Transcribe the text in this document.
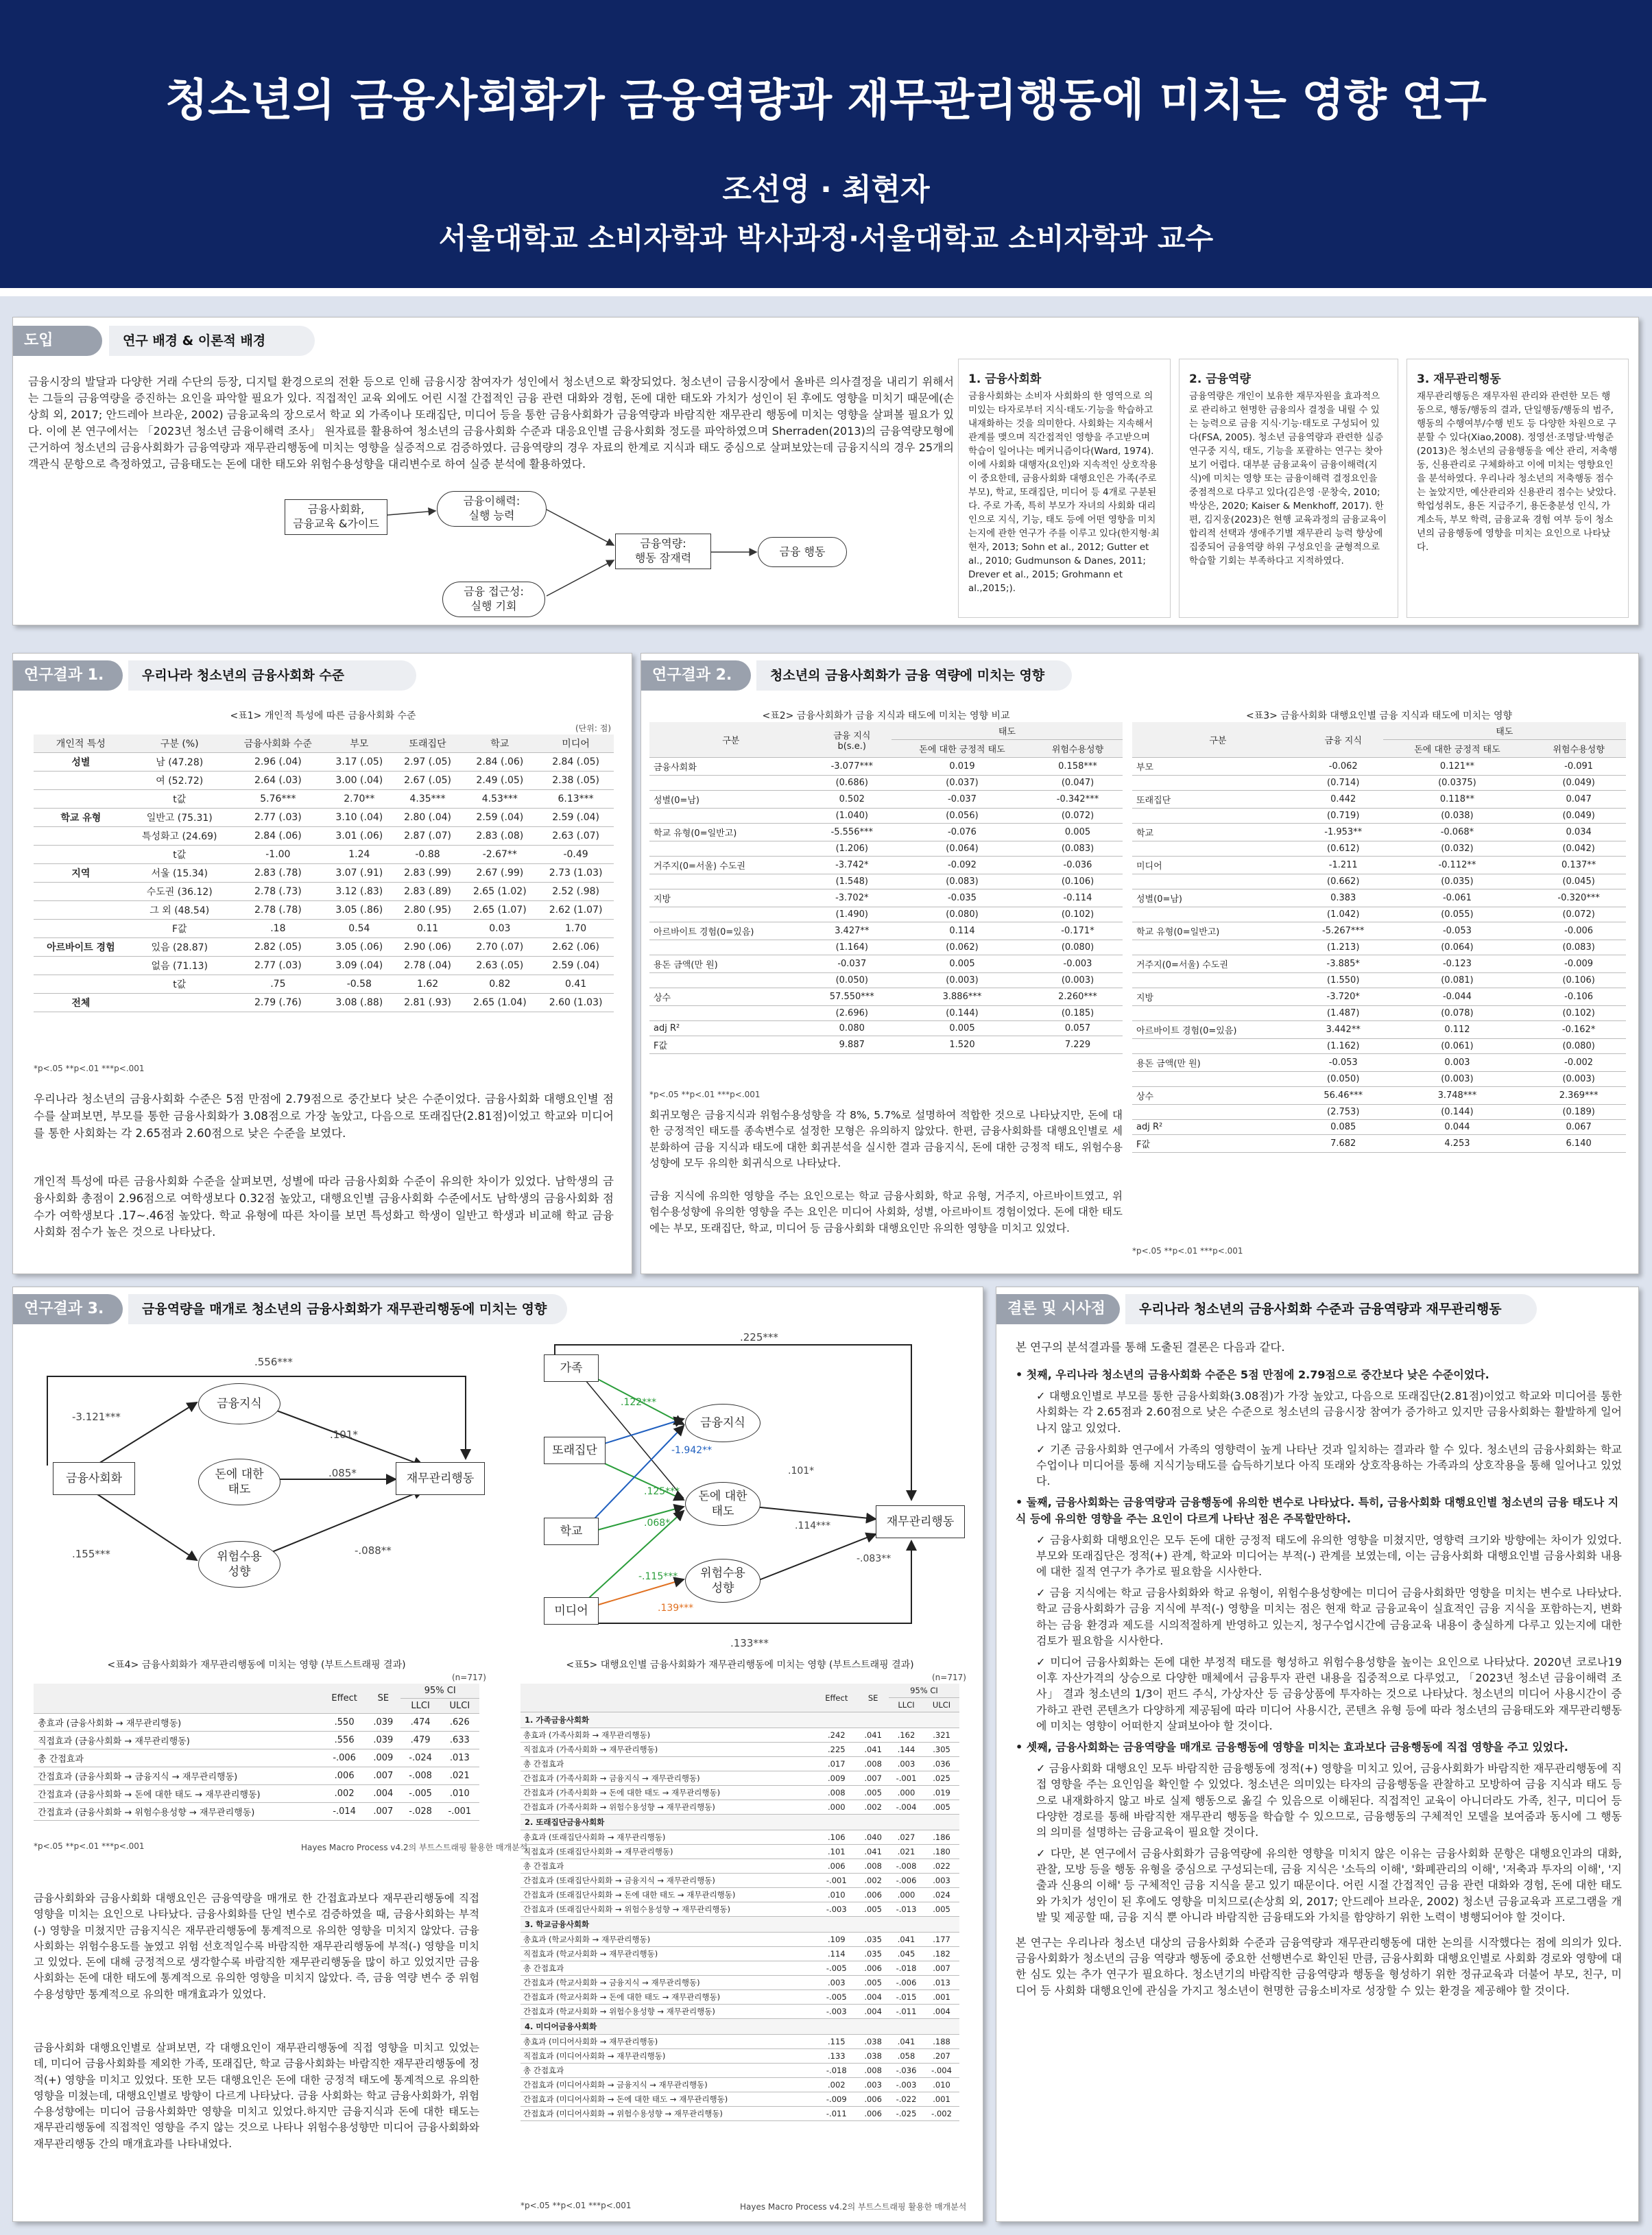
청소년의 금융사회화가 금융역량과 재무관리행동에 미치는 영향 연구
조선영 · 최현자
서울대학교 소비자학과 박사과정·서울대학교 소비자학과 교수
도입	연구 배경 & 이론적 배경
금융시장의 발달과 다양한 거래 수단의 등장, 디지털 환경으로의 전환 등으로 인해 금융시장 참여자가 성인에서 청소년으로 확장되었다. 청소년이 금융시장에서 올바른 의사결정을 내리기 위해서는 그들의 금융역량을 증진하는 요인을 파악할 필요가 있다. 직접적인 교육 외에도 어린 시절 간접적인 금융 관련 대화와 경험, 돈에 대한 태도와 가치가 성인이 된 후에도 영향을 미치기 때문에(손상희 외, 2017; 안드레아 브라운, 2002) 금융교육의 장으로서 학교 외 가족이나 또래집단, 미디어 등을 통한 금융사회화가 금융역량과 바람직한 재무관리 행동에 미치는 영향을 살펴볼 필요가 있다. 이에 본 연구에서는 「2023년 청소년 금융이해력 조사」 원자료를 활용하여 청소년의 금융사회화 수준과 대응요인별 금융사회화 정도를 파악하였으며 Sherraden(2013)의 금융역량모형에 근거하여 청소년의 금융사회화가 금융역량과 재무관리행동에 미치는 영향을 실증적으로 검증하였다. 금융역량의 경우 자료의 한계로 지식과 태도 중심으로 살펴보았는데 금융지식의 경우 25개의 객관식 문항으로 측정하였고, 금융태도는 돈에 대한 태도와 위험수용성향을 대리변수로 하여 실증 분석에 활용하였다.
금융사회화,
금융교육 &가이드
금융이해력:
실행 능력
금융역량:
행동 잠재력	금융 행동
금융 접근성:
실행 기회
1. 금융사회화

금융사회화는 소비자 사회화의 한 영역으로 의미있는 타자로부터 지식·태도·기능을 학습하고 내재화하는 것을 의미한다. 사회화는 지속해서 관계를 맺으며 직간접적인 영향을 주고받으며 학습이 일어나는 메커니즘이다(Ward, 1974). 이에 사회화 대행자(요인)와 지속적인 상호작용이 중요한데, 금융사회화 대행요인은 가족(주로 부모), 학교, 또래집단, 미디어 등 4개로 구분된다. 주로 가족, 특히 부모가 자녀의 사회화 대리인으로 지식, 기능, 태도 등에 어떤 영향을 미치는지에 관한 연구가 주를 이루고 있다(한지형·최현자, 2013; Sohn et al., 2012; Gutter et al., 2010; Gudmunson & Danes, 2011; Drever et al., 2015; Grohmann et al.,2015;).

2. 금융역량

금융역량은 개인이 보유한 재무자원을 효과적으로 관리하고 현명한 금융의사 결정을 내릴 수 있는 능력으로 금융 지식·기능·태도로 구성되어 있다(FSA, 2005). 청소년 금융역량과 관련한 실증 연구중 지식, 태도, 기능을 포괄하는 연구는 찾아보기 어렵다. 대부분 금융교육이 금융이해력(지식)에 미치는 영향 또는 금융이해력 결정요인을 중점적으로 다루고 있다(김은영 ·문창숙, 2010; 박상은, 2020; Kaiser & Menkhoff, 2017). 한편, 김지웅(2023)은 현행 교육과정의 금융교육이 합리적 선택과 생애주기별 재무관리 능력 향상에 집중되어 금융역량 하위 구성요인을 균형적으로 학습할 기회는 부족하다고 지적하였다.

3. 재무관리행동

재무관리행동은 재무자원 관리와 관련한 모든 행동으로, 행동/행동의 결과, 단일행동/행동의 범주, 행동의 수행여부/수행 빈도 등 다양한 차원으로 구분할 수 있다(Xiao,2008). 정영선·조명달·박형준(2013)은 청소년의 금융행동을 예산 관리, 저축행동, 신용관리로 구체화하고 이에 미치는 영향요인을 분석하였다. 우리나라 청소년의 저축행동 점수는 높았지만, 예산관리와 신용관리 점수는 낮았다. 학업성취도, 용돈 지급주기, 용돈충분성 인식, 가계소득, 부모 학력, 금융교육 경험 여부 등이 청소년의 금융행동에 영향을 미치는 요인으로 나타났다.

연구결과 1.	우리나라 청소년의 금융사회화 수준
<표1> 개인적 특성에 따른 금융사회화 수준
(단위: 점)
개인적 특성	구분 (%)	금융사회화 수준	부모	또래집단	학교	미디어
성별	남 (47.28)	2.96 (.04)	3.17 (.05)	2.97 (.05)	2.84 (.06)	2.84 (.05)
	여 (52.72)	2.64 (.03)	3.00 (.04)	2.67 (.05)	2.49 (.05)	2.38 (.05)
	t값	5.76***	2.70**	4.35***	4.53***	6.13***
학교 유형	일반고 (75.31)	2.77 (.03)	3.10 (.04)	2.80 (.04)	2.59 (.04)	2.59 (.04)
	특성화고 (24.69)	2.84 (.06)	3.01 (.06)	2.87 (.07)	2.83 (.08)	2.63 (.07)
	t값	-1.00	1.24	-0.88	-2.67**	-0.49
지역	서울 (15.34)	2.83 (.78)	3.07 (.91)	2.83 (.99)	2.67 (.99)	2.73 (1.03)
	수도권 (36.12)	2.78 (.73)	3.12 (.83)	2.83 (.89)	2.65 (1.02)	2.52 (.98)
	그 외 (48.54)	2.78 (.78)	3.05 (.86)	2.80 (.95)	2.65 (1.07)	2.62 (1.07)
	F값	.18	0.54	0.11	0.03	1.70
아르바이트 경험	있음 (28.87)	2.82 (.05)	3.05 (.06)	2.90 (.06)	2.70 (.07)	2.62 (.06)
	없음 (71.13)	2.77 (.03)	3.09 (.04)	2.78 (.04)	2.63 (.05)	2.59 (.04)
	t값	.75	-0.58	1.62	0.82	0.41
전체		2.79 (.76)	3.08 (.88)	2.81 (.93)	2.65 (1.04)	2.60 (1.03)
*p<.05 **p<.01 ***p<.001
우리나라 청소년의 금융사회화 수준은 5점 만점에 2.79점으로 중간보다 낮은 수준이었다. 금융사회화 대행요인별 점수를 살펴보면, 부모를 통한 금융사회화가 3.08점으로 가장 높았고, 다음으로 또래집단(2.81점)이었고 학교와 미디어를 통한 사회화는 각 2.65점과 2.60점으로 낮은 수준을 보였다.
개인적 특성에 따른 금융사회화 수준을 살펴보면, 성별에 따라 금융사회화 수준이 유의한 차이가 있었다. 남학생의 금융사회화 총점이 2.96점으로 여학생보다 0.32점 높았고, 대행요인별 금융사회화 수준에서도 남학생의 금융사회화 점수가 여학생보다 .17~.46점 높았다. 학교 유형에 따른 차이를 보면 특성화고 학생이 일반고 학생과 비교해 학교 금융사회화 점수가 높은 것으로 나타났다.
연구결과 2.	청소년의 금융사회화가 금융 역량에 미치는 영향
<표2> 금융사회화가 금융 지식과 태도에 미치는 영향 비교
구분	금융 지식
b(s.e.)	태도	
		돈에 대한 긍정적 태도	위험수용성향
금융사회화	-3.077***	0.019	0.158***
	(0.686)	(0.037)	(0.047)
성별(0=남)	0.502	-0.037	-0.342***
	(1.040)	(0.056)	(0.072)
학교 유형(0=일반고)	-5.556***	-0.076	0.005
	(1.206)	(0.064)	(0.083)
거주지(0=서울) 수도권	-3.742*	-0.092	-0.036
	(1.548)	(0.083)	(0.106)
지방	-3.702*	-0.035	-0.114
	(1.490)	(0.080)	(0.102)
아르바이트 경험(0=있음)	3.427**	0.114	-0.171*
	(1.164)	(0.062)	(0.080)
용돈 금액(만 원)	-0.037	0.005	-0.003
	(0.050)	(0.003)	(0.003)
상수	57.550***	3.886***	2.260***
	(2.696)	(0.144)	(0.185)
adj R²	0.080	0.005	0.057
F값	9.887	1.520	7.229
*p<.05 **p<.01 ***p<.001
회귀모형은 금융지식과 위험수용성향을 각 8%, 5.7%로 설명하여 적합한 것으로 나타났지만, 돈에 대한 긍정적인 태도를 종속변수로 설정한 모형은 유의하지 않았다. 한편, 금융사회화를 대행요인별로 세분화하여 금융 지식과 태도에 대한 회귀분석을 실시한 결과 금융지식, 돈에 대한 긍정적 태도, 위험수용성향에 모두 유의한 회귀식으로 나타났다.
금융 지식에 유의한 영향을 주는 요인으로는 학교 금융사회화, 학교 유형, 거주지, 아르바이트였고, 위험수용성향에 유의한 영향을 주는 요인은 미디어 사회화, 성별, 아르바이트 경험이었다. 돈에 대한 태도에는 부모, 또래집단, 학교, 미디어 등 금융사회화 대행요인만 유의한 영향을 미치고 있었다.
<표3> 금융사회화 대행요인별 금융 지식과 태도에 미치는 영향
구분	금융 지식	태도	
		돈에 대한 긍정적 태도	위험수용성향
부모	-0.062	0.121**	-0.091
	(0.714)	(0.0375)	(0.049)
또래집단	0.442	0.118**	0.047
	(0.719)	(0.038)	(0.049)
학교	-1.953**	-0.068*	0.034
	(0.612)	(0.032)	(0.042)
미디어	-1.211	-0.112**	0.137**
	(0.662)	(0.035)	(0.045)
성별(0=남)	0.383	-0.061	-0.320***
	(1.042)	(0.055)	(0.072)
학교 유형(0=일반고)	-5.267***	-0.053	-0.006
	(1.213)	(0.064)	(0.083)
거주지(0=서울) 수도권	-3.885*	-0.123	-0.009
	(1.550)	(0.081)	(0.106)
지방	-3.720*	-0.044	-0.106
	(1.487)	(0.078)	(0.102)
아르바이트 경험(0=있음)	3.442**	0.112	-0.162*
	(1.162)	(0.061)	(0.080)
용돈 금액(만 원)	-0.053	0.003	-0.002
	(0.050)	(0.003)	(0.003)
상수	56.46***	3.748***	2.369***
	(2.753)	(0.144)	(0.189)
adj R²	0.085	0.044	0.067
F값	7.682	4.253	6.140
*p<.05 **p<.01 ***p<.001
연구결과 3.	금융역량을 매개로 청소년의 금융사회화가 재무관리행동에 미치는 영향
금융사회화
금융지식
돈에 대한
태도
위험수용
성향
재무관리행동
.556***
-3.121***
.101*
.085*
.155***	-.088**
가족
또래집단
학교
미디어
금융지식
돈에 대한
태도
위험수용
성향
재무관리행동
.225***
.133***
.122***
-1.942**
.125***
.068*
-.115***
.139***
.101*
.114***
-.083**
<표4> 금융사회화가 재무관리행동에 미치는 영향 (부트스트래핑 결과)
(n=717)
	Effect	SE	95% CI	
			LLCI	ULCI
총효과 (금융사회화 → 재무관리행동)	.550	.039	.474	.626
직접효과 (금융사회화 → 재무관리행동)	.556	.039	.479	.633
총 간접효과	-.006	.009	-.024	.013
간접효과 (금융사회화 → 금융지식 → 재무관리행동)	.006	.007	-.008	.021
간접효과 (금융사회화 → 돈에 대한 태도 → 재무관리행동)	.002	.004	-.005	.010
간접효과 (금융사회화 → 위험수용성향 → 재무관리행동)	-.014	.007	-.028	-.001
*p<.05 **p<.01 ***p<.001	Hayes Macro Process v4.2의 부트스트래핑 활용한 매개분석
금융사회화와 금융사회화 대행요인은 금융역량을 매개로 한 간접효과보다 재무관리행동에 직접 영향을 미치는 요인으로 나타났다. 금융사회화를 단일 변수로 검증하였을 때, 금융사회화는 부적(-) 영향을 미쳤지만 금융지식은 재무관리행동에 통계적으로 유의한 영향을 미치지 않았다. 금융사회화는 위험수용도를 높였고 위험 선호적일수록 바람직한 재무관리행동에 부적(-) 영향을 미치고 있었다. 돈에 대해 긍정적으로 생각할수록 바람직한 재무관리행동을 많이 하고 있었지만 금융사회화는 돈에 대한 태도에 통계적으로 유의한 영향을 미치지 않았다. 즉, 금융 역량 변수 중 위험수용성향만 통계적으로 유의한 매개효과가 있었다.
금융사회화 대행요인별로 살펴보면, 각 대행요인이 재무관리행동에 직접 영향을 미치고 있었는데, 미디어 금융사회화를 제외한 가족, 또래집단, 학교 금융사회화는 바람직한 재무관리행동에 정적(+) 영향을 미치고 있었다. 또한 모든 대행요인은 돈에 대한 긍정적 태도에 통계적으로 유의한 영향을 미쳤는데, 대행요인별로 방향이 다르게 나타났다. 금융 사회화는 학교 금융사회화가, 위험수용성향에는 미디어 금융사회화만 영향을 미치고 있었다.하지만 금융지식과 돈에 대한 태도는 재무관리행동에 직접적인 영향을 주지 않는 것으로 나타나 위험수용성향만 미디어 금융사회화와 재무관리행동 간의 매개효과를 나타내었다.
<표5> 대행요인별 금융사회화가 재무관리행동에 미치는 영향 (부트스트래핑 결과)
(n=717)
	Effect	SE	95% CI	
			LLCI	ULCI
1. 가족금융사회화				
총효과 (가족사회화 → 재무관리행동)	.242	.041	.162	.321
직접효과 (가족사회화 → 재무관리행동)	.225	.041	.144	.305
총 간접효과	.017	.008	.003	.036
간접효과 (가족사회화 → 금융지식 → 재무관리행동)	.009	.007	-.001	.025
간접효과 (가족사회화 → 돈에 대한 태도 → 재무관리행동)	.008	.005	.000	.019
간접효과 (가족사회화 → 위험수용성향 → 재무관리행동)	.000	.002	-.004	.005
2. 또래집단금융사회화				
총효과 (또래집단사회화 → 재무관리행동)	.106	.040	.027	.186
직접효과 (또래집단사회화 → 재무관리행동)	.101	.041	.021	.180
총 간접효과	.006	.008	-.008	.022
간접효과 (또래집단사회화 → 금융지식 → 재무관리행동)	-.001	.002	-.006	.003
간접효과 (또래집단사회화 → 돈에 대한 태도 → 재무관리행동)	.010	.006	.000	.024
간접효과 (또래집단사회화 → 위험수용성향 → 재무관리행동)	-.003	.005	-.013	.005
3. 학교금융사회화				
총효과 (학교사회화 → 재무관리행동)	.109	.035	.041	.177
직접효과 (학교사회화 → 재무관리행동)	.114	.035	.045	.182
총 간접효과	-.005	.006	-.018	.007
간접효과 (학교사회화 → 금융지식 → 재무관리행동)	.003	.005	-.006	.013
간접효과 (학교사회화 → 돈에 대한 태도 → 재무관리행동)	-.005	.004	-.015	.001
간접효과 (학교사회화 → 위험수용성향 → 재무관리행동)	-.003	.004	-.011	.004
4. 미디어금융사회화				
총효과 (미디어사회화 → 재무관리행동)	.115	.038	.041	.188
직접효과 (미디어사회화 → 재무관리행동)	.133	.038	.058	.207
총 간접효과	-.018	.008	-.036	-.004
간접효과 (미디어사회화 → 금융지식 → 재무관리행동)	.002	.003	-.003	.010
간접효과 (미디어사회화 → 돈에 대한 태도 → 재무관리행동)	-.009	.006	-.022	.001
간접효과 (미디어사회화 → 위험수용성향 → 재무관리행동)	-.011	.006	-.025	-.002
*p<.05 **p<.01 ***p<.001	Hayes Macro Process v4.2의 부트스트래핑 활용한 매개분석
결론 및 시사점	우리나라 청소년의 금융사회화 수준과 금융역량과 재무관리행동
본 연구의 분석결과를 통해 도출된 결론은 다음과 같다.
• 첫째, 우리나라 청소년의 금융사회화 수준은 5점 만점에 2.79점으로 중간보다 낮은 수준이었다.
✓ 대행요인별로 부모를 통한 금융사회화(3.08점)가 가장 높았고, 다음으로 또래집단(2.81점)이었고 학교와 미디어를 통한 사회화는 각 2.65점과 2.60점으로 낮은 수준으로 청소년의 금융시장 참여가 증가하고 있지만 금융사회화는 활발하게 일어나지 않고 있었다.
✓ 기존 금융사회화 연구에서 가족의 영향력이 높게 나타난 것과 일치하는 결과라 할 수 있다. 청소년의 금융사회화는 학교 수업이나 미디어를 통해 지식기능태도를 습득하기보다 아직 또래와 상호작용하는 가족과의 상호작용을 통해 일어나고 있었다.
• 둘째, 금융사회화는 금융역량과 금융행동에 유의한 변수로 나타났다. 특히, 금융사회화 대행요인별 청소년의 금융 태도나 지식 등에 유의한 영향을 주는 요인이 다르게 나타난 점은 주목할만하다.
✓ 금융사회화 대행요인은 모두 돈에 대한 긍정적 태도에 유의한 영향을 미쳤지만, 영향력 크기와 방향에는 차이가 있었다. 부모와 또래집단은 정적(+) 관계, 학교와 미디어는 부적(-) 관계를 보였는데, 이는 금융사회화 대행요인별 금융사회화 내용에 대한 질적 연구가 추가로 필요함을 시사한다.
✓ 금융 지식에는 학교 금융사회화와 학교 유형이, 위험수용성향에는 미디어 금융사회화만 영향을 미치는 변수로 나타났다. 학교 금융사회화가 금융 지식에 부적(-) 영향을 미치는 점은 현재 학교 금융교육이 실효적인 금융 지식을 포함하는지, 변화하는 금융 환경과 제도를 시의적절하게 반영하고 있는지, 청구수업시간에 금융교육 내용이 충실하게 다루고 있는지에 대한 검토가 필요함을 시사한다.
✓ 미디어 금융사회화는 돈에 대한 부정적 태도를 형성하고 위험수용성향을 높이는 요인으로 나타났다. 2020년 코로나19 이후 자산가격의 상승으로 다양한 매체에서 금융투자 관련 내용을 집중적으로 다루었고, 「2023년 청소년 금융이해력 조사」 결과 청소년의 1/3이 펀드 주식, 가상자산 등 금융상품에 투자하는 것으로 나타났다. 청소년의 미디어 사용시간이 증가하고 관련 콘텐츠가 다양하게 제공됨에 따라 미디어 사용시간, 콘텐츠 유형 등에 따라 청소년의 금융태도와 재무관리행동에 미치는 영향이 어떠한지 살펴보아야 할 것이다.
• 셋째, 금융사회화는 금융역량을 매개로 금융행동에 영향을 미치는 효과보다 금융행동에 직접 영향을 주고 있었다.
✓ 금융사회화 대행요인 모두 바람직한 금융행동에 정적(+) 영향을 미치고 있어, 금융사회화가 바람직한 재무관리행동에 직접 영향을 주는 요인임을 확인할 수 있었다. 청소년은 의미있는 타자의 금융행동을 관찰하고 모방하여 금융 지식과 태도 등으로 내재화하지 않고 바로 실제 행동으로 옮길 수 있음으로 이해된다. 직접적인 교육이 아니더라도 가족, 친구, 미디어 등 다양한 경로를 통해 바람직한 재무관리 행동을 학습할 수 있으므로, 금융행동의 구체적인 모델을 보여줌과 동시에 그 행동의 의미를 설명하는 금융교육이 필요할 것이다.
✓ 다만, 본 연구에서 금융사회화가 금융역량에 유의한 영향을 미치지 않은 이유는 금융사회화 문항은 대행요인과의 대화, 관찰, 모방 등을 행동 유형을 중심으로 구성되는데, 금융 지식은 '소득의 이해', '화폐관리의 이해', '저축과 투자의 이해', '지출과 신용의 이해' 등 구체적인 금융 지식을 묻고 있기 때문이다. 어린 시절 간접적인 금융 관련 대화와 경험, 돈에 대한 태도와 가치가 성인이 된 후에도 영향을 미치므로(손상희 외, 2017; 안드레아 브라운, 2002) 청소년 금융교육과 프로그램을 개발 및 제공할 때, 금융 지식 뿐 아니라 바람직한 금융태도와 가치를 함양하기 위한 노력이 병행되어야 할 것이다.
본 연구는 우리나라 청소년 대상의 금융사회화 수준과 금융역량과 재무관리행동에 대한 논의를 시작했다는 점에 의의가 있다. 금융사회화가 청소년의 금융 역량과 행동에 중요한 선행변수로 확인된 만큼, 금융사회화 대행요인별로 사회화 경로와 영향에 대한 심도 있는 추가 연구가 필요하다. 청소년기의 바람직한 금융역량과 행동을 형성하기 위한 정규교육과 더불어 부모, 친구, 미디어 등 사회화 대행요인에 관심을 가지고 청소년이 현명한 금융소비자로 성장할 수 있는 환경을 제공해야 할 것이다.
